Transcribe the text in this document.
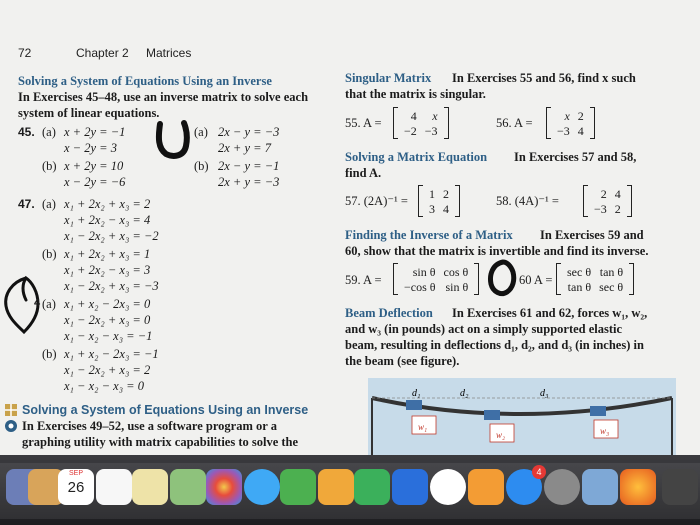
72	Chapter 2 Matrices
Solving a System of Equations Using an Inverse
In Exercises 45–48, use an inverse matrix to solve each
system of linear equations.
45. (a) x + 2y = −1
x − 2y = 3
(b) x + 2y = 10
x − 2y = −6
(a) 2x − y = −3
2x + y = 7
(b) 2x − y = −1
2x + y = −3
47. (a) x₁ + 2x₂ + x₃ = 2
x₁ + 2x₂ − x₃ = 4
x₁ − 2x₂ + x₃ = −2
(b) x₁ + 2x₂ + x₃ = 1
x₁ + 2x₂ − x₃ = 3
x₁ − 2x₂ + x₃ = −3
4 (a) x₁ + x₂ − 2x₃ = 0
x₁ − 2x₂ + x₃ = 0
x₁ − x₂ − x₃ = −1
(b) x₁ + x₂ − 2x₃ = −1
x₁ − 2x₂ + x₃ = 2
x₁ − x₂ − x₃ = 0
Solving a System of Equations Using an Inverse
In Exercises 49–52, use a software program or a
graphing utility with matrix capabilities to solve the
Singular Matrix In Exercises 55 and 56, find x such
that the matrix is singular.
55. A =
4	x
−2	−3
56. A =
x	2
−3	4
Solving a Matrix Equation In Exercises 57 and 58,
find A.
57. (2A)⁻¹ =
1	2
3	4
58. (4A)⁻¹ =
2	4
−3	2
Finding the Inverse of a Matrix In Exercises 59 and
60, show that the matrix is invertible and find its inverse.
59. A =
sin θ	cos θ
−cos θ	sin θ	60 A =
sec θ	tan θ
tan θ	sec θ
Beam Deflection In Exercises 61 and 62, forces w₁, w₂,
and w₃ (in pounds) act on a simply supported elastic
beam, resulting in deflections d₁, d₂, and d₃ (in inches) in
the beam (see figure).
d₁	d₂	d₃
w₁
w₂	w₃
SEP
26
4
